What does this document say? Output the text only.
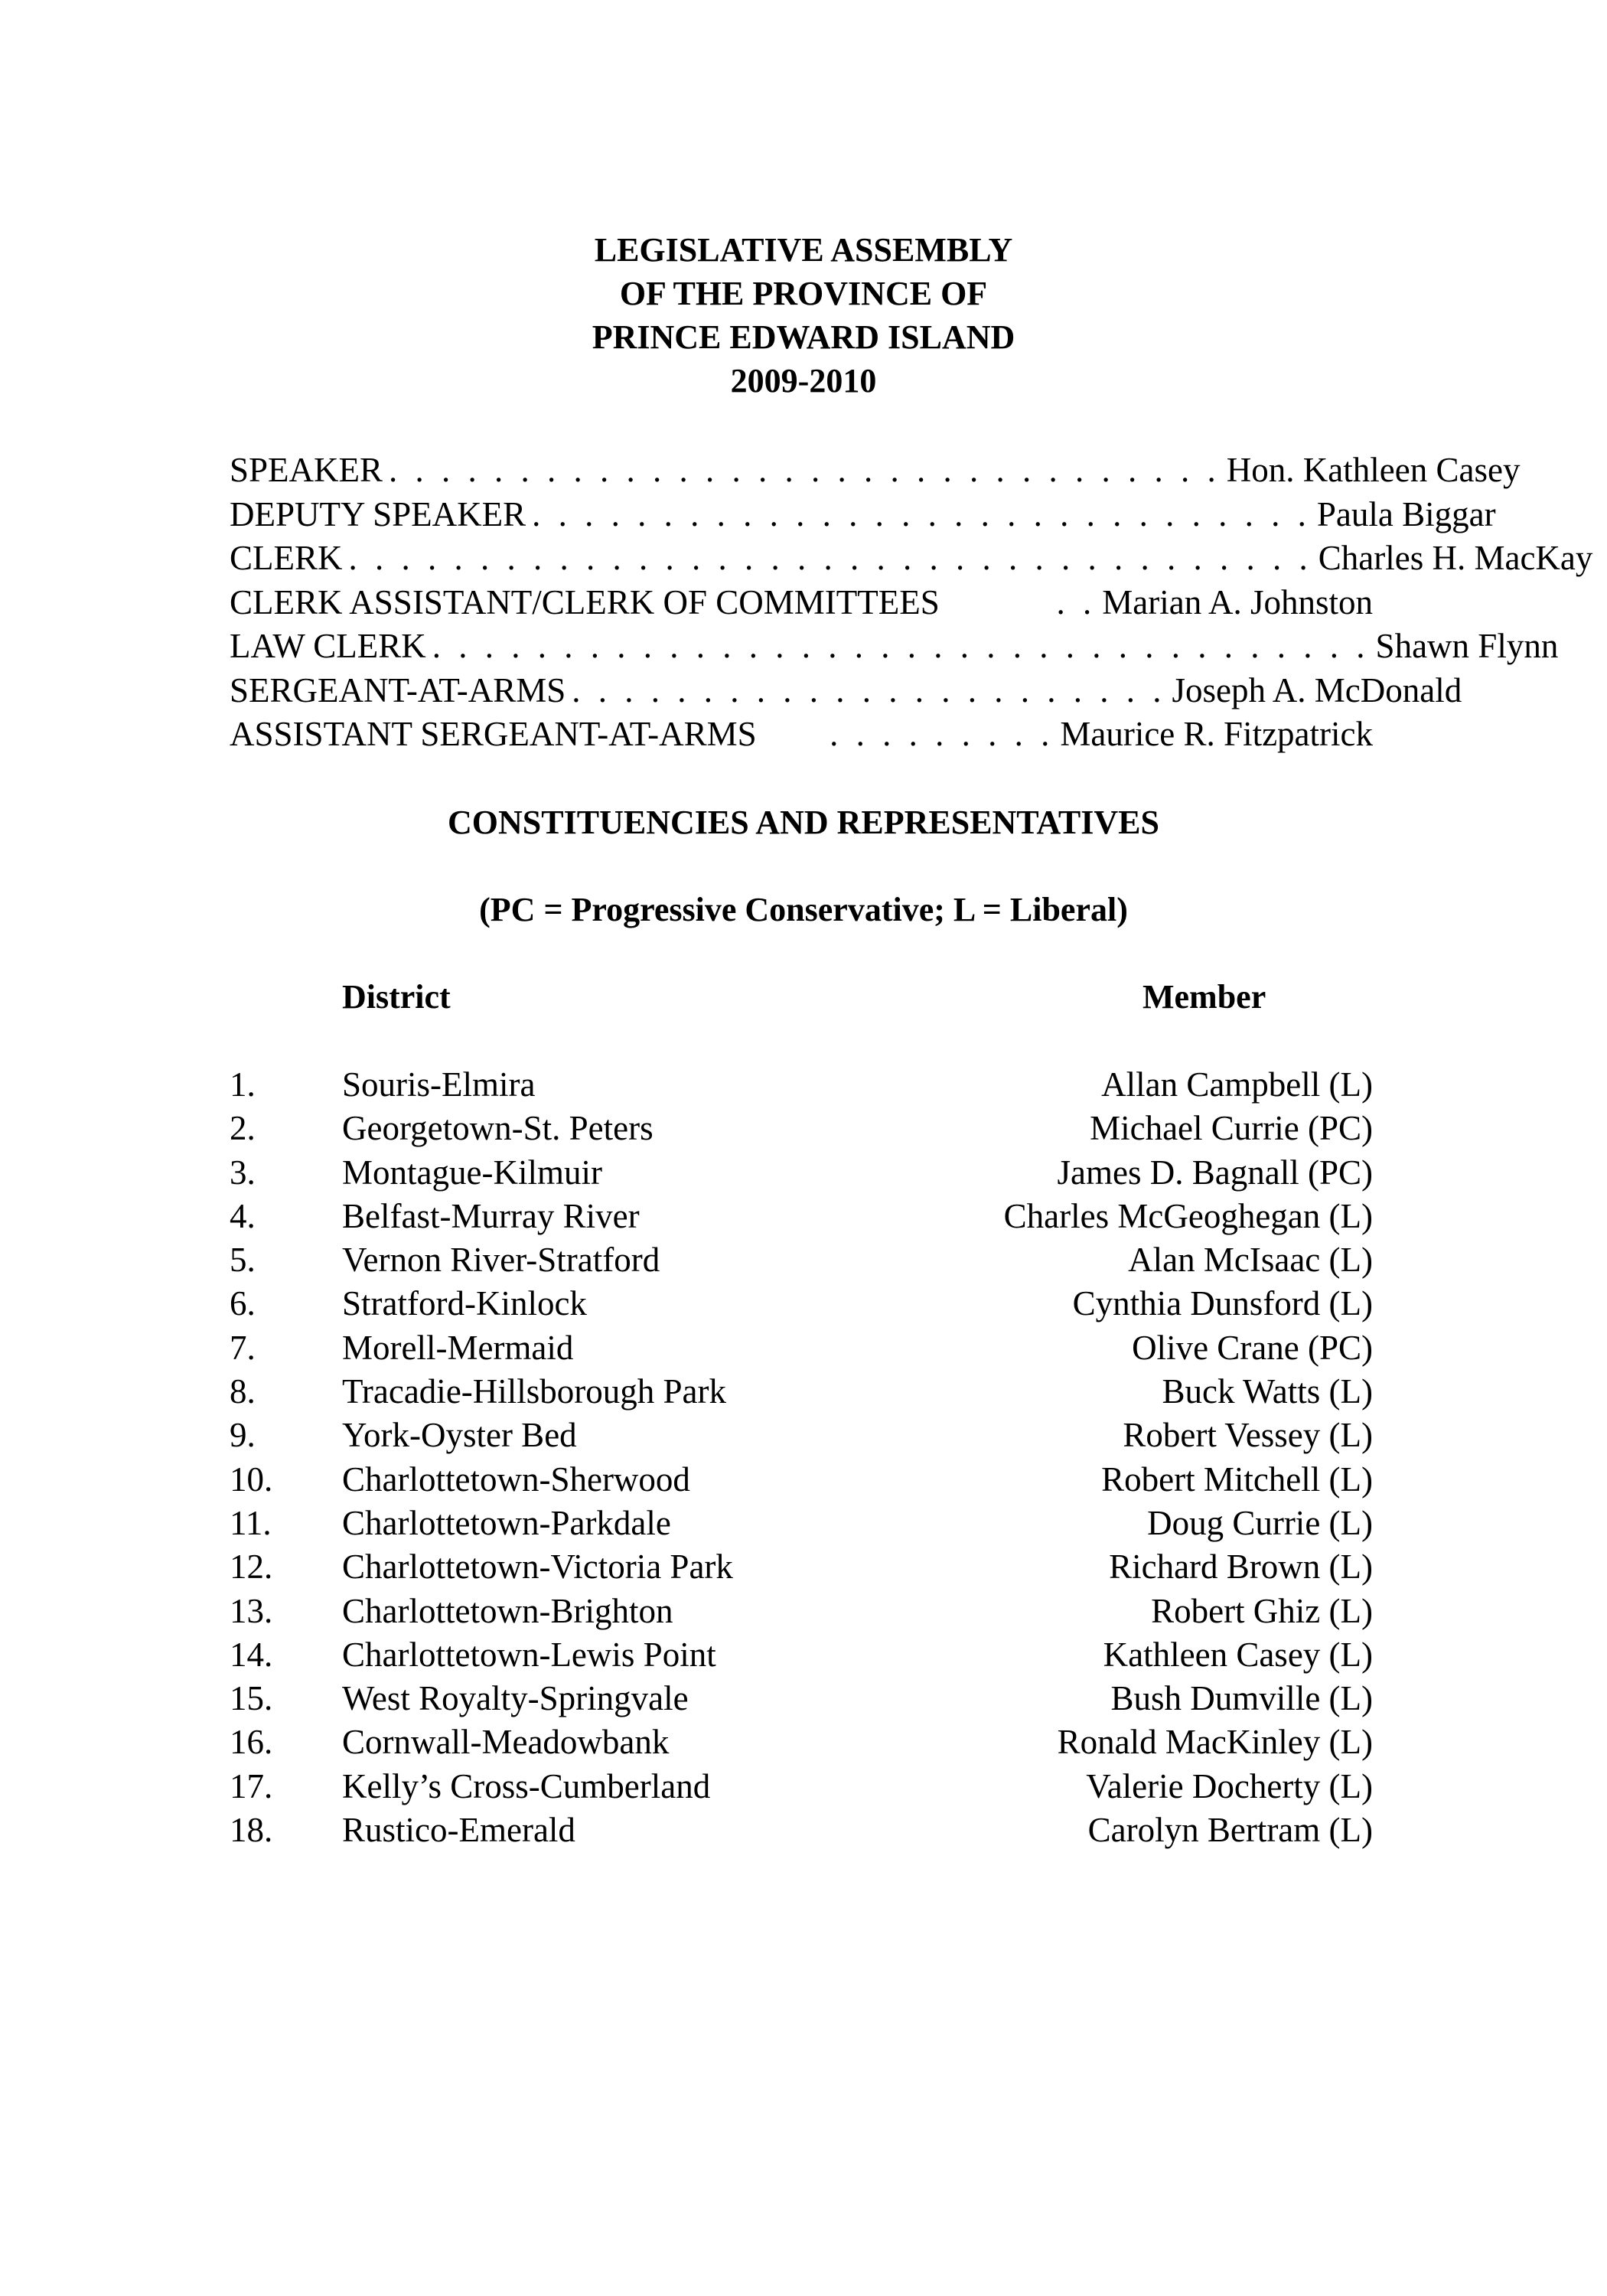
LEGISLATIVE ASSEMBLY
OF THE PROVINCE OF
PRINCE EDWARD ISLAND
2009-2010
SPEAKER . . . . . . . . . . . . . . . . . . . . . . . . . . . . . . . . Hon. Kathleen Casey
DEPUTY SPEAKER . . . . . . . . . . . . . . . . . . . . . . . . . . . . . . Paula Biggar
CLERK . . . . . . . . . . . . . . . . . . . . . . . . . . . . . . . . . . . . . Charles H. MacKay
CLERK ASSISTANT/CLERK OF COMMITTEES	. . Marian A. Johnston
LAW CLERK . . . . . . . . . . . . . . . . . . . . . . . . . . . . . . . . . . . . Shawn Flynn
SERGEANT-AT-ARMS . . . . . . . . . . . . . . . . . . . . . . . Joseph A. McDonald
ASSISTANT SERGEANT-AT-ARMS	. . . . . . . . . Maurice R. Fitzpatrick
CONSTITUENCIES AND REPRESENTATIVES
(PC = Progressive Conservative; L = Liberal)
District	Member
1.	Souris-Elmira	Allan Campbell (L)
2.	Georgetown-St. Peters	Michael Currie (PC)
3.	Montague-Kilmuir	James D. Bagnall (PC)
4.	Belfast-Murray River	Charles McGeoghegan (L)
5.	Vernon River-Stratford	Alan McIsaac (L)
6.	Stratford-Kinlock	Cynthia Dunsford (L)
7.	Morell-Mermaid	Olive Crane (PC)
8.	Tracadie-Hillsborough Park	Buck Watts (L)
9.	York-Oyster Bed	Robert Vessey (L)
10. Charlottetown-Sherwood	Robert Mitchell (L)
11. Charlottetown-Parkdale	Doug Currie (L)
12. Charlottetown-Victoria Park	Richard Brown (L)
13. Charlottetown-Brighton	Robert Ghiz (L)
14. Charlottetown-Lewis Point	Kathleen Casey (L)
15. West Royalty-Springvale	Bush Dumville (L)
16. Cornwall-Meadowbank	Ronald MacKinley (L)
17. Kelly’s Cross-Cumberland	Valerie Docherty (L)
18. Rustico-Emerald	Carolyn Bertram (L)
